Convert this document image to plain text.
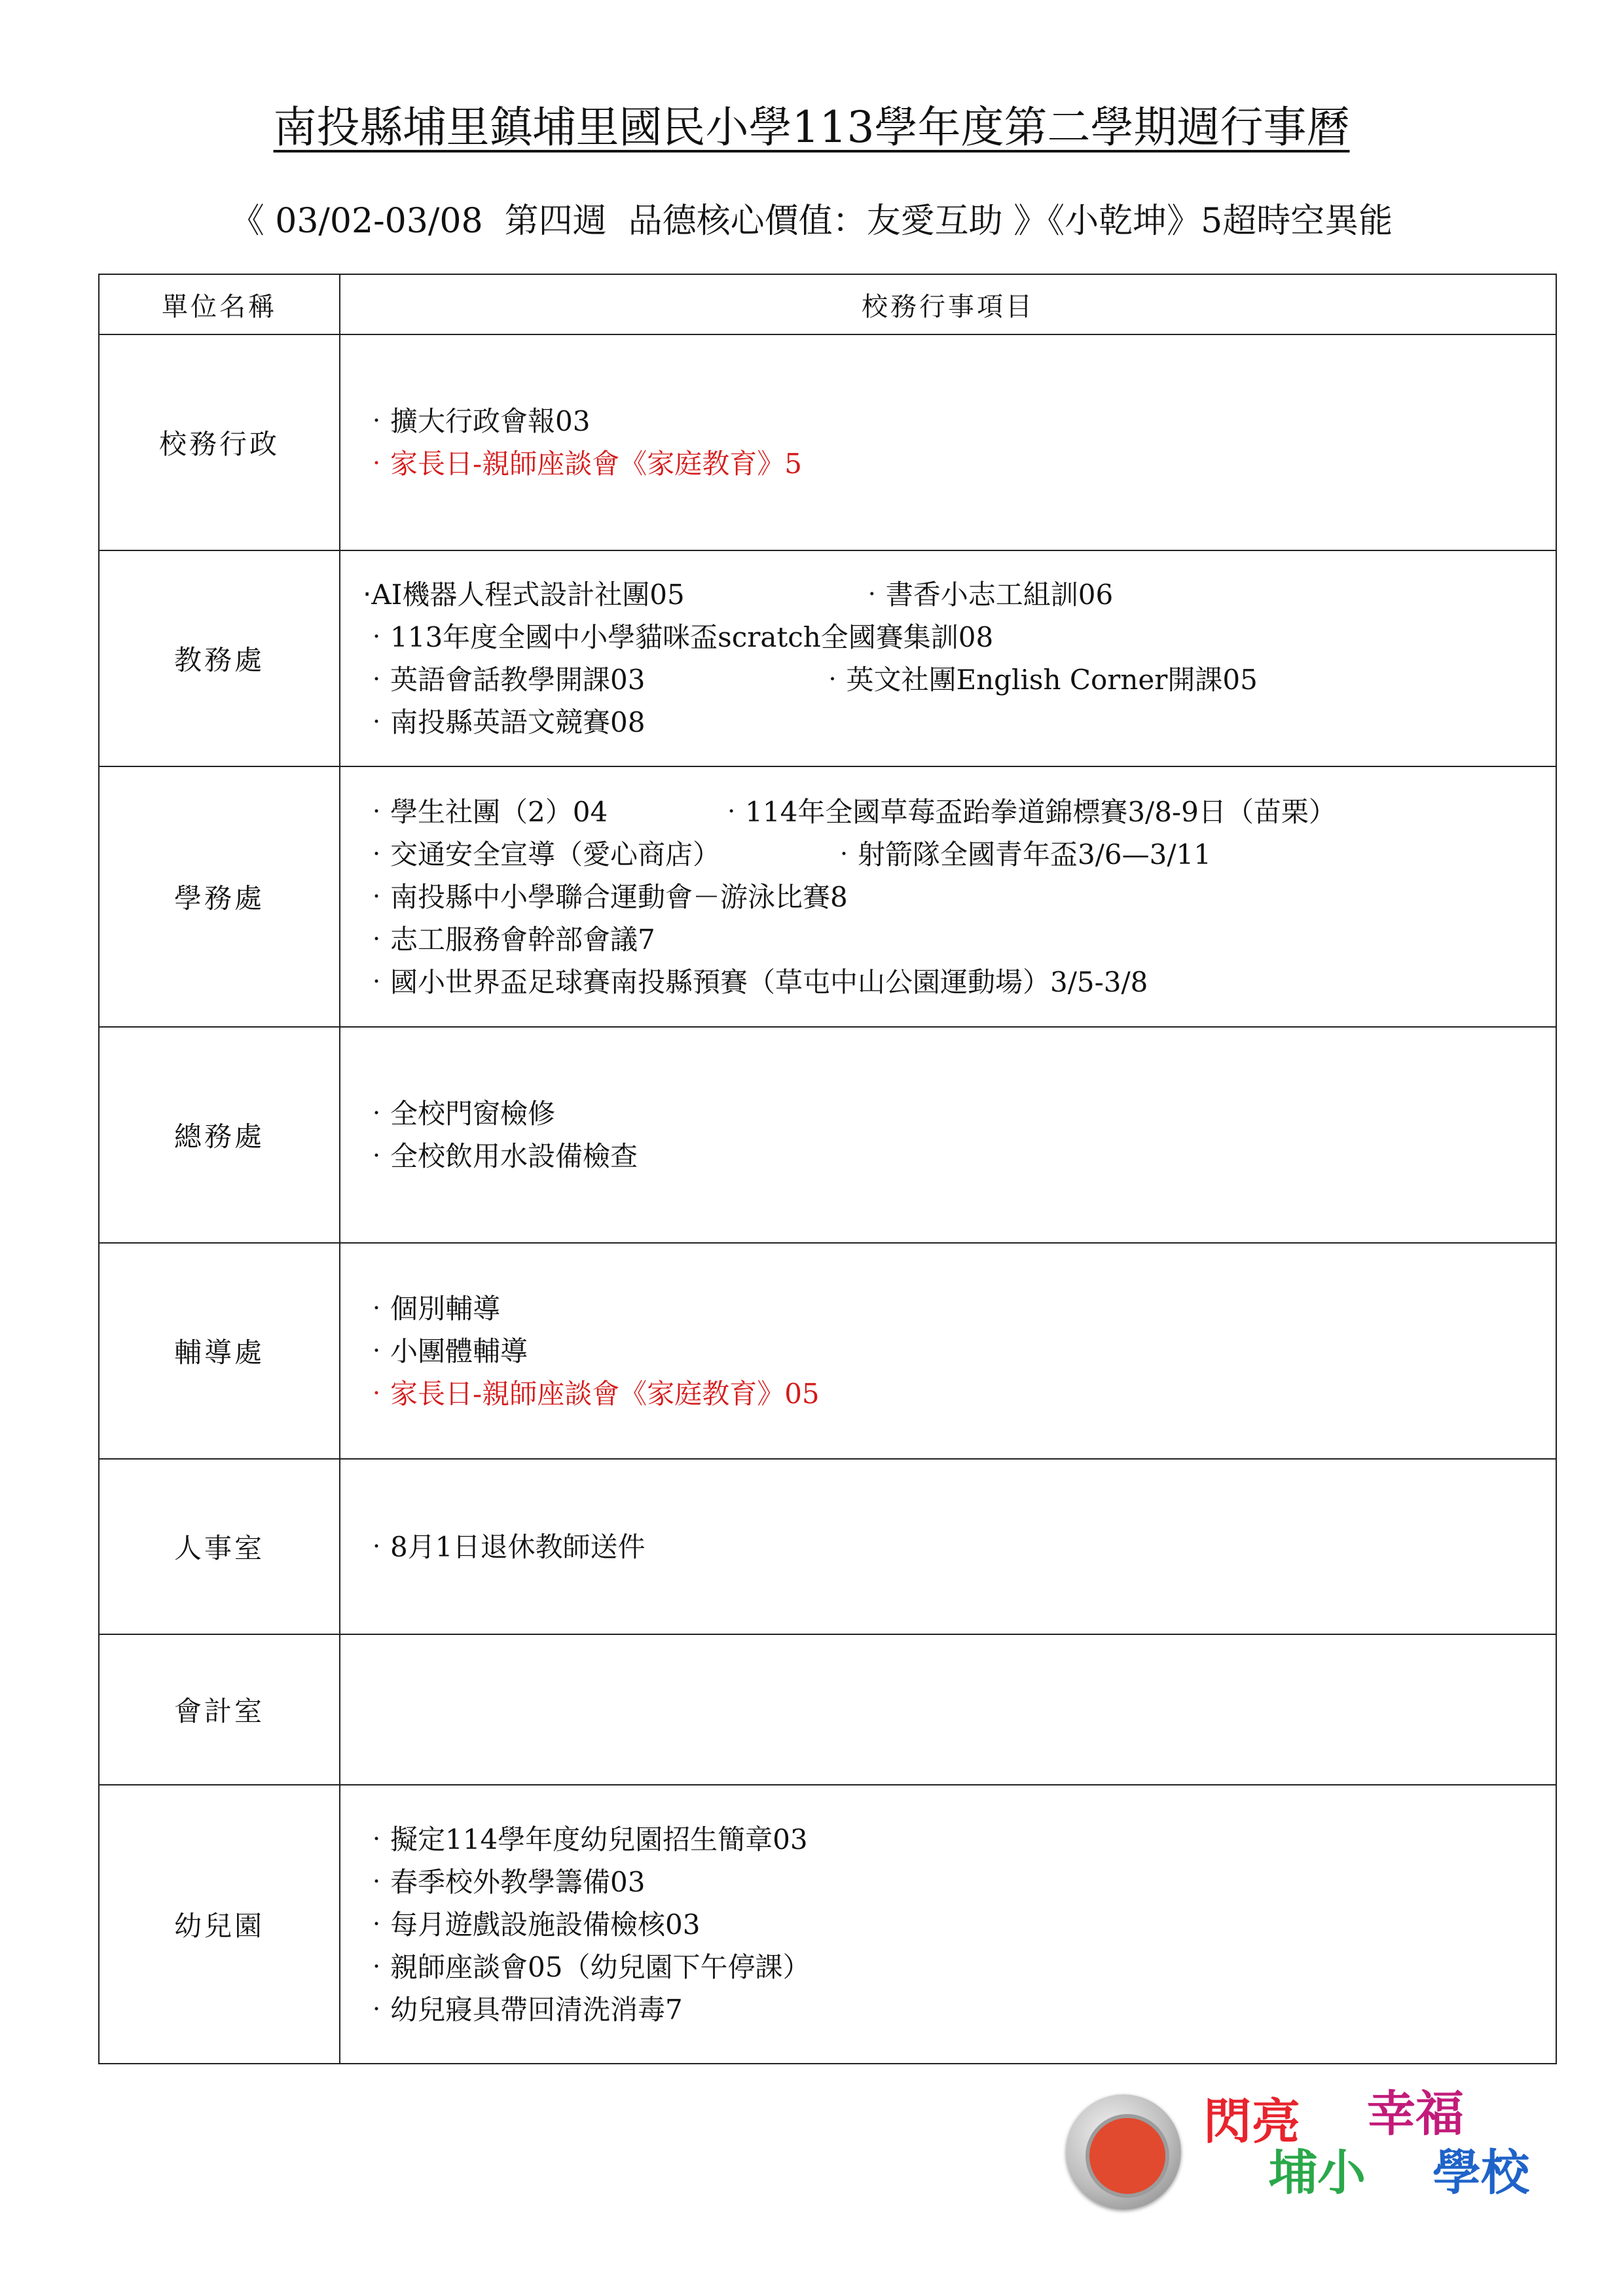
南投縣埔里鎮埔里國民小學113學年度第二學期週行事曆
《 03/02-03/08  第四週  品德核心價值：友愛互助 》《小乾坤》5超時空異能
單位名稱	校務行事項目
校務行政	‧擴大行政會報03
‧家長日-親師座談會《家庭教育》5

教務處	‧AI機器人程式設計社團05 ‧書香小志工組訓06
‧113年度全國中小學貓咪盃scratch全國賽集訓08
‧英語會話教學開課03 ‧英文社團English Corner開課05
‧南投縣英語文競賽08

學務處	‧學生社團（2）04 ‧114年全國草莓盃跆拳道錦標賽3/8-9日（苗栗）
‧交通安全宣導（愛心商店） ‧射箭隊全國青年盃3/6—3/11
‧南投縣中小學聯合運動會－游泳比賽8
‧志工服務會幹部會議7
‧國小世界盃足球賽南投縣預賽（草屯中山公園運動場）3/5-3/8

總務處	‧全校門窗檢修
‧全校飲用水設備檢查

輔導處	‧個別輔導
‧小團體輔導
‧家長日-親師座談會《家庭教育》05

人事室	‧8月1日退休教師送件

會計室	
幼兒園	‧擬定114學年度幼兒園招生簡章03
‧春季校外教學籌備03
‧每月遊戲設施設備檢核03
‧親師座談會05（幼兒園下午停課）
‧幼兒寢具帶回清洗消毒7
閃亮 幸福
埔小 學校
